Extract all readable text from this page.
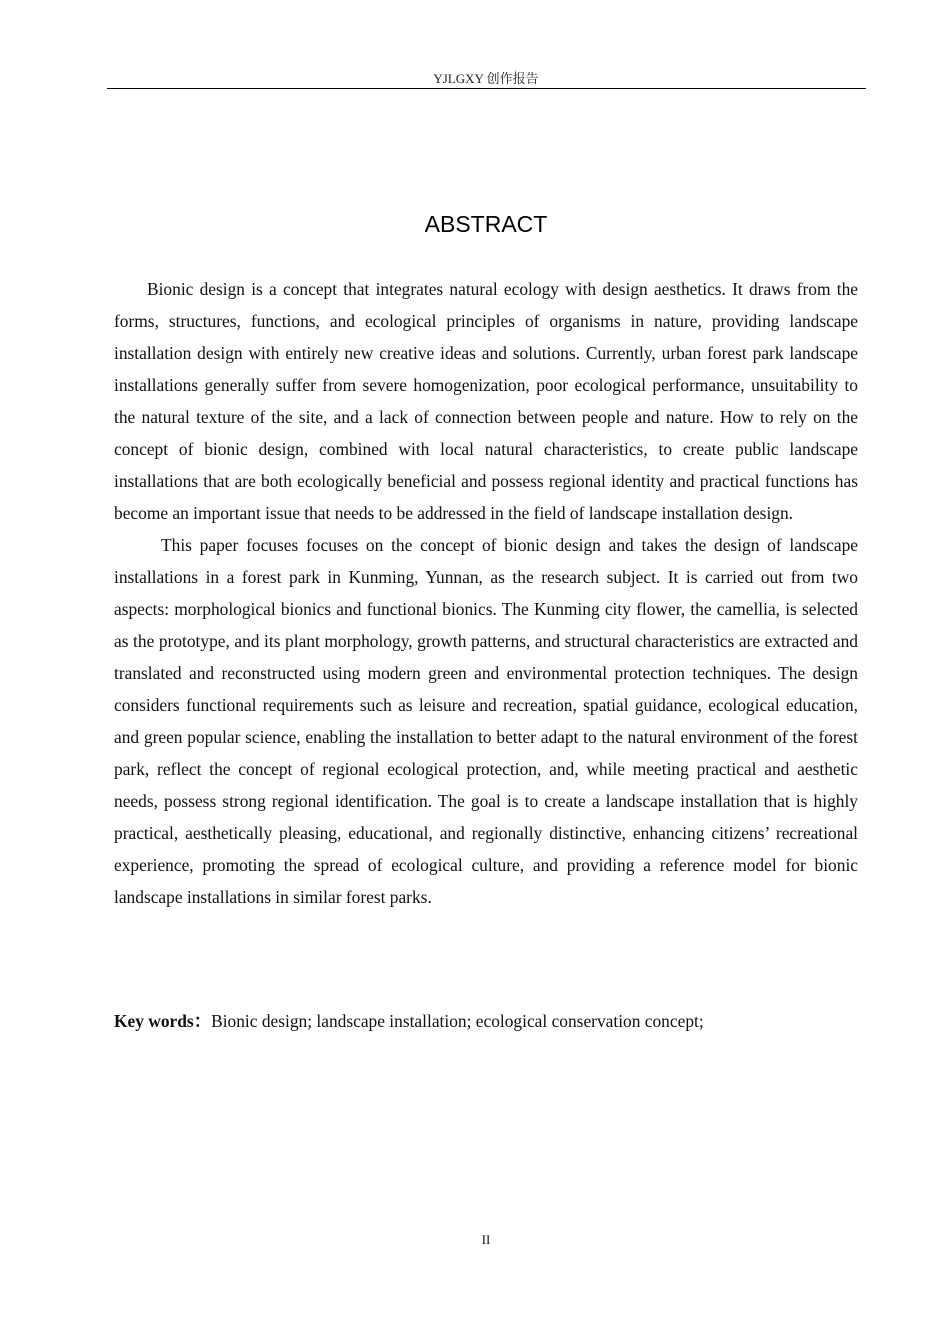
YJLGXY 创作报告
ABSTRACT

Bionic design is a concept that integrates natural ecology with design aesthetics. It draws from the forms, structures, functions, and ecological principles of organisms in nature, providing landscape installation design with entirely new creative ideas and solutions. Currently, urban forest park landscape installations generally suffer from severe homogenization, poor ecological performance, unsuitability to the natural texture of the site, and a lack of connection between people and nature. How to rely on the concept of bionic design, combined with local natural characteristics, to create public landscape installations that are both ecologically beneficial and possess regional identity and practical functions has become an important issue that needs to be addressed in the field of landscape installation design.

This paper focuses focuses on the concept of bionic design and takes the design of landscape installations in a forest park in Kunming, Yunnan, as the research subject. It is carried out from two aspects: morphological bionics and functional bionics. The Kunming city flower, the camellia, is selected as the prototype, and its plant morphology, growth patterns, and structural characteristics are extracted and translated and reconstructed using modern green and environmental protection techniques. The design considers functional requirements such as leisure and recreation, spatial guidance, ecological education, and green popular science, enabling the installation to better adapt to the natural environment of the forest park, reflect the concept of regional ecological protection, and, while meeting practical and aesthetic needs, possess strong regional identification. The goal is to create a landscape installation that is highly practical, aesthetically pleasing, educational, and regionally distinctive, enhancing citizens’ recreational experience, promoting the spread of ecological culture, and providing a reference model for bionic landscape installations in similar forest parks.

Key words：Bionic design; landscape installation; ecological conservation concept;
II
